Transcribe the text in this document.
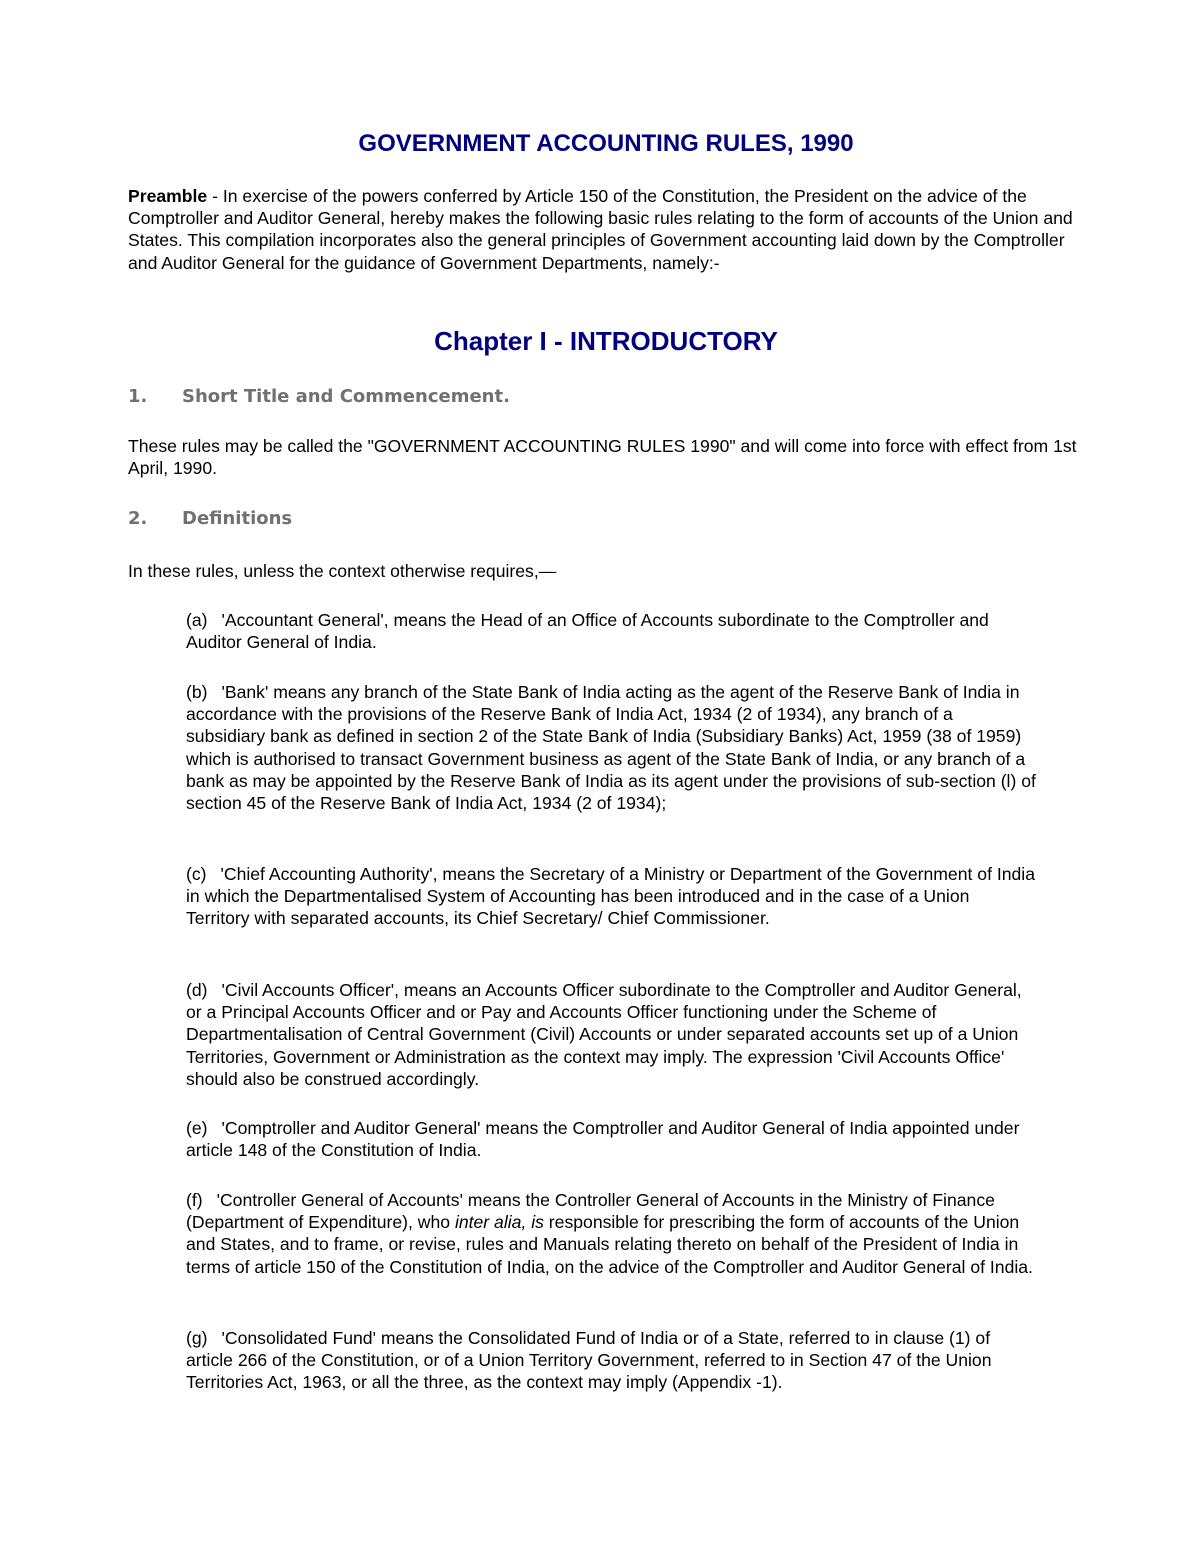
GOVERNMENT ACCOUNTING RULES, 1990

Preamble - In exercise of the powers conferred by Article 150 of the Constitution, the President on the advice of the Comptroller and Auditor General, hereby makes the following basic rules relating to the form of accounts of the Union and States. This compilation incorporates also the general principles of Government accounting laid down by the Comptroller and Auditor General for the guidance of Government Departments, namely:-

Chapter I - INTRODUCTORY
1. Short Title and Commencement.

These rules may be called the "GOVERNMENT ACCOUNTING RULES 1990" and will come into force with effect from 1st April, 1990.

2. Definitions

In these rules, unless the context otherwise requires,—

(a) 'Accountant General', means the Head of an Office of Accounts subordinate to the Comptroller and Auditor General of India.

(b) 'Bank' means any branch of the State Bank of India acting as the agent of the Reserve Bank of India in accordance with the provisions of the Reserve Bank of India Act, 1934 (2 of 1934), any branch of a subsidiary bank as defined in section 2 of the State Bank of India (Subsidiary Banks) Act, 1959 (38 of 1959) which is authorised to transact Government business as agent of the State Bank of India, or any branch of a bank as may be appointed by the Reserve Bank of India as its agent under the provisions of sub-section (l) of section 45 of the Reserve Bank of India Act, 1934 (2 of 1934);

(c) 'Chief Accounting Authority', means the Secretary of a Ministry or Department of the Government of India in which the Departmentalised System of Accounting has been introduced and in the case of a Union Territory with separated accounts, its Chief Secretary/ Chief Commissioner.

(d) 'Civil Accounts Officer', means an Accounts Officer subordinate to the Comptroller and Auditor General, or a Principal Accounts Officer and or Pay and Accounts Officer functioning under the Scheme of Departmentalisation of Central Government (Civil) Accounts or under separated accounts set up of a Union Territories, Government or Administration as the context may imply. The expression 'Civil Accounts Office' should also be construed accordingly.

(e) 'Comptroller and Auditor General' means the Comptroller and Auditor General of India appointed under article 148 of the Constitution of India.

(f) 'Controller General of Accounts' means the Controller General of Accounts in the Ministry of Finance (Department of Expenditure), who inter alia, is responsible for prescribing the form of accounts of the Union and States, and to frame, or revise, rules and Manuals relating thereto on behalf of the President of India in terms of article 150 of the Constitution of India, on the advice of the Comptroller and Auditor General of India.

(g) 'Consolidated Fund' means the Consolidated Fund of India or of a State, referred to in clause (1) of article 266 of the Constitution, or of a Union Territory Government, referred to in Section 47 of the Union Territories Act, 1963, or all the three, as the context may imply (Appendix -1).
